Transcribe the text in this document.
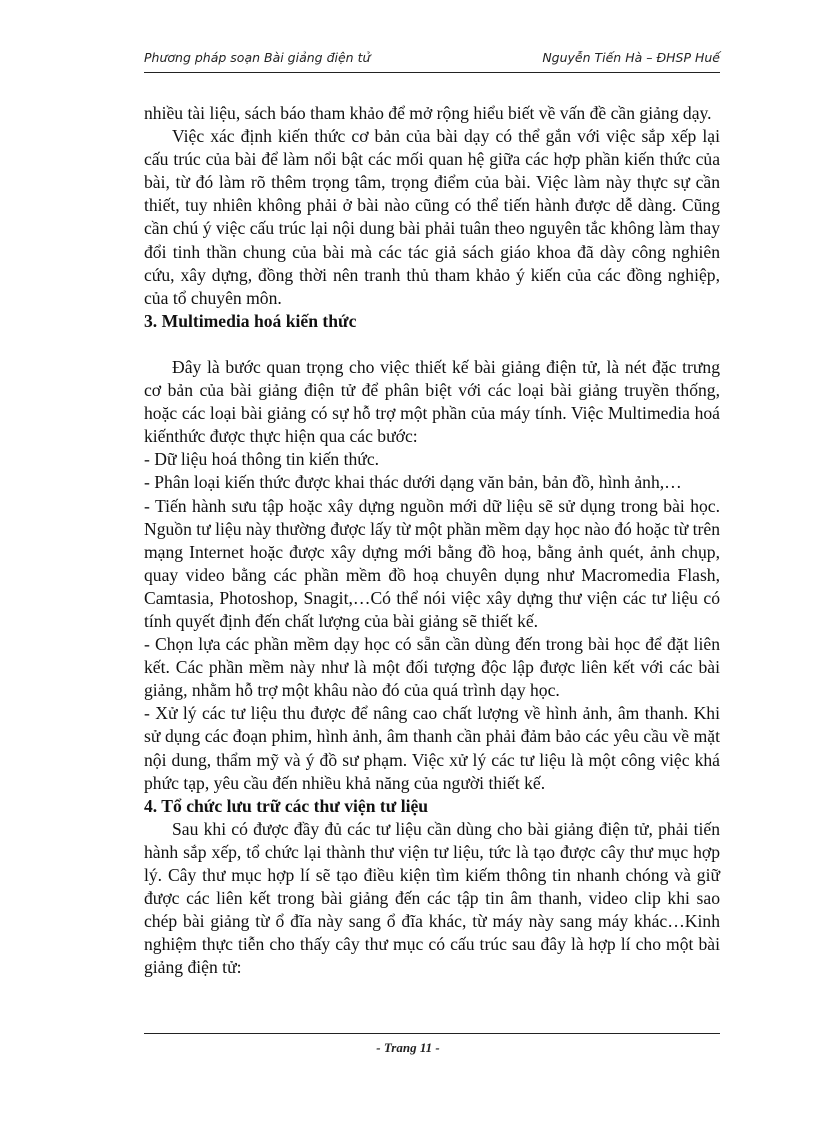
Phương pháp soạn Bài giảng điện tử	Nguyễn Tiến Hà – ĐHSP Huế

nhiều tài liệu, sách báo tham khảo để mở rộng hiểu biết về vấn đề cần giảng dạy.

Việc xác định kiến thức cơ bản của bài dạy có thể gắn với việc sắp xếp lại cấu trúc của bài để làm nổi bật các mối quan hệ giữa các hợp phần kiến thức của bài, từ đó làm rõ thêm trọng tâm, trọng điểm của bài. Việc làm này thực sự cần thiết, tuy nhiên không phải ở bài nào cũng có thể tiến hành được dễ dàng. Cũng cần chú ý việc cấu trúc lại nội dung bài phải tuân theo nguyên tắc không làm thay đổi tinh thần chung của bài mà các tác giả sách giáo khoa đã dày công nghiên cứu, xây dựng, đồng thời nên tranh thủ tham khảo ý kiến của các đồng nghiệp, của tổ chuyên môn.

3. Multimedia hoá kiến thức

Đây là bước quan trọng cho việc thiết kế bài giảng điện tử, là nét đặc trưng cơ bản của bài giảng điện tử để phân biệt với các loại bài giảng truyền thống, hoặc các loại bài giảng có sự hỗ trợ một phần của máy tính. Việc Multimedia hoá kiếnthức được thực hiện qua các bước:

- Dữ liệu hoá thông tin kiến thức.

- Phân loại kiến thức được khai thác dưới dạng văn bản, bản đồ, hình ảnh,…

- Tiến hành sưu tập hoặc xây dựng nguồn mới dữ liệu sẽ sử dụng trong bài học. Nguồn tư liệu này thường được lấy từ một phần mềm dạy học nào đó hoặc từ trên mạng Internet hoặc được xây dựng mới bằng đồ hoạ, bằng ảnh quét, ảnh chụp, quay video bằng các phần mềm đồ hoạ chuyên dụng như Macromedia Flash, Camtasia, Photoshop, Snagit,…Có thể nói việc xây dựng thư viện các tư liệu có tính quyết định đến chất lượng của bài giảng sẽ thiết kế.

- Chọn lựa các phần mềm dạy học có sẵn cần dùng đến trong bài học để đặt liên kết. Các phần mềm này như là một đối tượng độc lập được liên kết với các bài giảng, nhằm hỗ trợ một khâu nào đó của quá trình dạy học.

- Xử lý các tư liệu thu được để nâng cao chất lượng về hình ảnh, âm thanh. Khi sử dụng các đoạn phim, hình ảnh, âm thanh cần phải đảm bảo các yêu cầu về mặt nội dung, thẩm mỹ và ý đồ sư phạm. Việc xử lý các tư liệu là một công việc khá phức tạp, yêu cầu đến nhiều khả năng của người thiết kế.

4. Tổ chức lưu trữ các thư viện tư liệu

Sau khi có được đầy đủ các tư liệu cần dùng cho bài giảng điện tử, phải tiến hành sắp xếp, tổ chức lại thành thư viện tư liệu, tức là tạo được cây thư mục hợp lý. Cây thư mục hợp lí sẽ tạo điều kiện tìm kiếm thông tin nhanh chóng và giữ được các liên kết trong bài giảng đến các tập tin âm thanh, video clip khi sao chép bài giảng từ ổ đĩa này sang ổ đĩa khác, từ máy này sang máy khác…Kinh nghiệm thực tiễn cho thấy cây thư mục có cấu trúc sau đây là hợp lí cho một bài giảng điện tử:

- Trang 11 -
